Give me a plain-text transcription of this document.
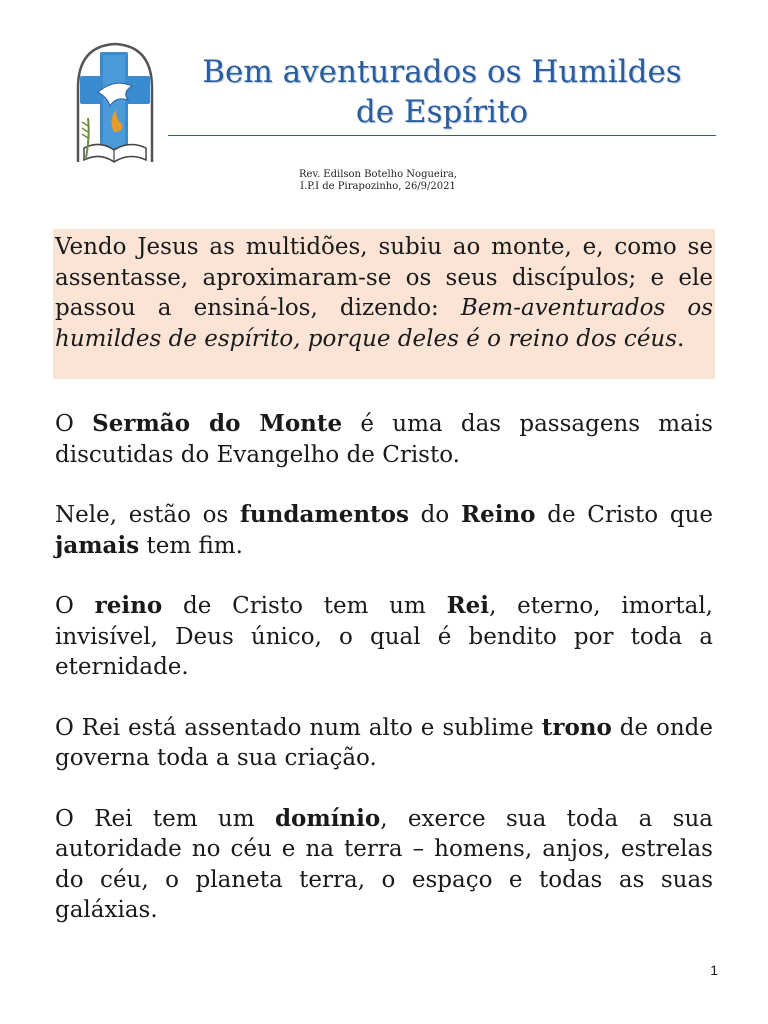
Bem aventurados os Humildes
de Espírito
Rev. Edilson Botelho Nogueira,
I.P.I de Pirapozinho, 26/9/2021
Vendo Jesus as multidões, subiu ao monte, e, como se assentasse, aproximaram-se os seus discípulos; e ele passou a ensiná-los, dizendo: Bem-aventurados os humildes de espírito, porque deles é o reino dos céus.

O Sermão do Monte é uma das passagens mais discutidas do Evangelho de Cristo.

Nele, estão os fundamentos do Reino de Cristo que jamais tem fim.

O reino de Cristo tem um Rei, eterno, imortal, invisível, Deus único, o qual é bendito por toda a eternidade.

O Rei está assentado num alto e sublime trono de onde governa toda a sua criação.

O Rei tem um domínio, exerce sua toda a sua autoridade no céu e na terra – homens, anjos, estrelas do céu, o planeta terra, o espaço e todas as suas galáxias.

1
